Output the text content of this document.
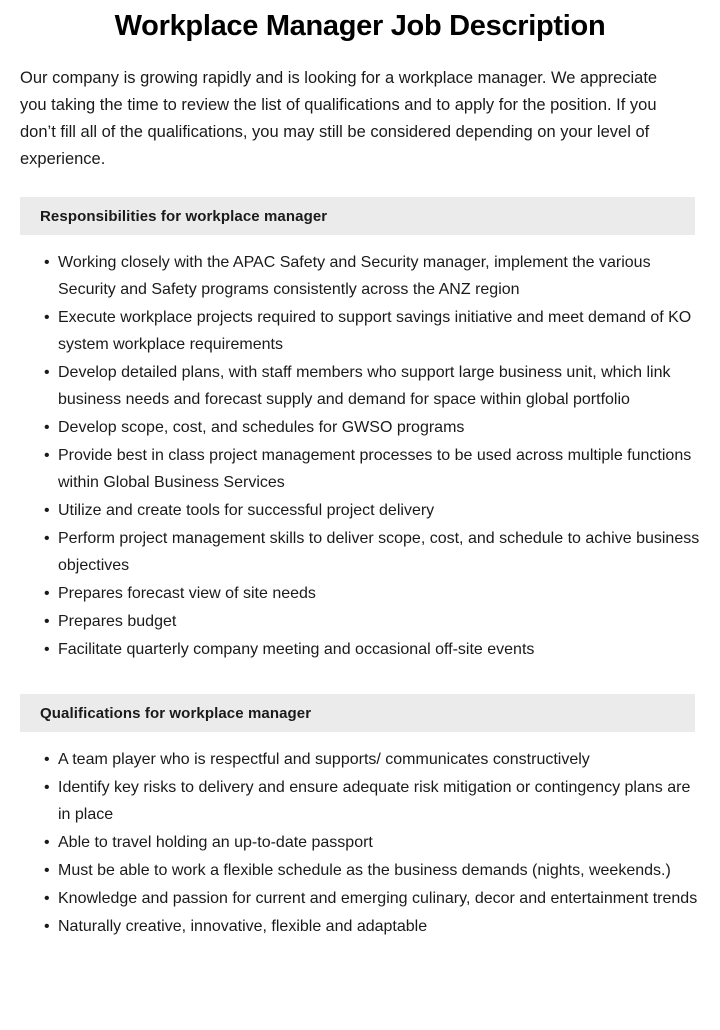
Workplace Manager Job Description

Our company is growing rapidly and is looking for a workplace manager. We appreciate you taking the time to review the list of qualifications and to apply for the position. If you don’t fill all of the qualifications, you may still be considered depending on your level of experience.

Responsibilities for workplace manager
• Working closely with the APAC Safety and Security manager, implement the various Security and Safety programs consistently across the ANZ region
• Execute workplace projects required to support savings initiative and meet demand of KO system workplace requirements
• Develop detailed plans, with staff members who support large business unit, which link business needs and forecast supply and demand for space within global portfolio
• Develop scope, cost, and schedules for GWSO programs
• Provide best in class project management processes to be used across multiple functions within Global Business Services
• Utilize and create tools for successful project delivery
• Perform project management skills to deliver scope, cost, and schedule to achive business objectives
• Prepares forecast view of site needs
• Prepares budget
• Facilitate quarterly company meeting and occasional off-site events
Qualifications for workplace manager
• A team player who is respectful and supports/ communicates constructively
• Identify key risks to delivery and ensure adequate risk mitigation or contingency plans are in place
• Able to travel holding an up-to-date passport
• Must be able to work a flexible schedule as the business demands (nights, weekends.)
• Knowledge and passion for current and emerging culinary, decor and entertainment trends
• Naturally creative, innovative, flexible and adaptable
